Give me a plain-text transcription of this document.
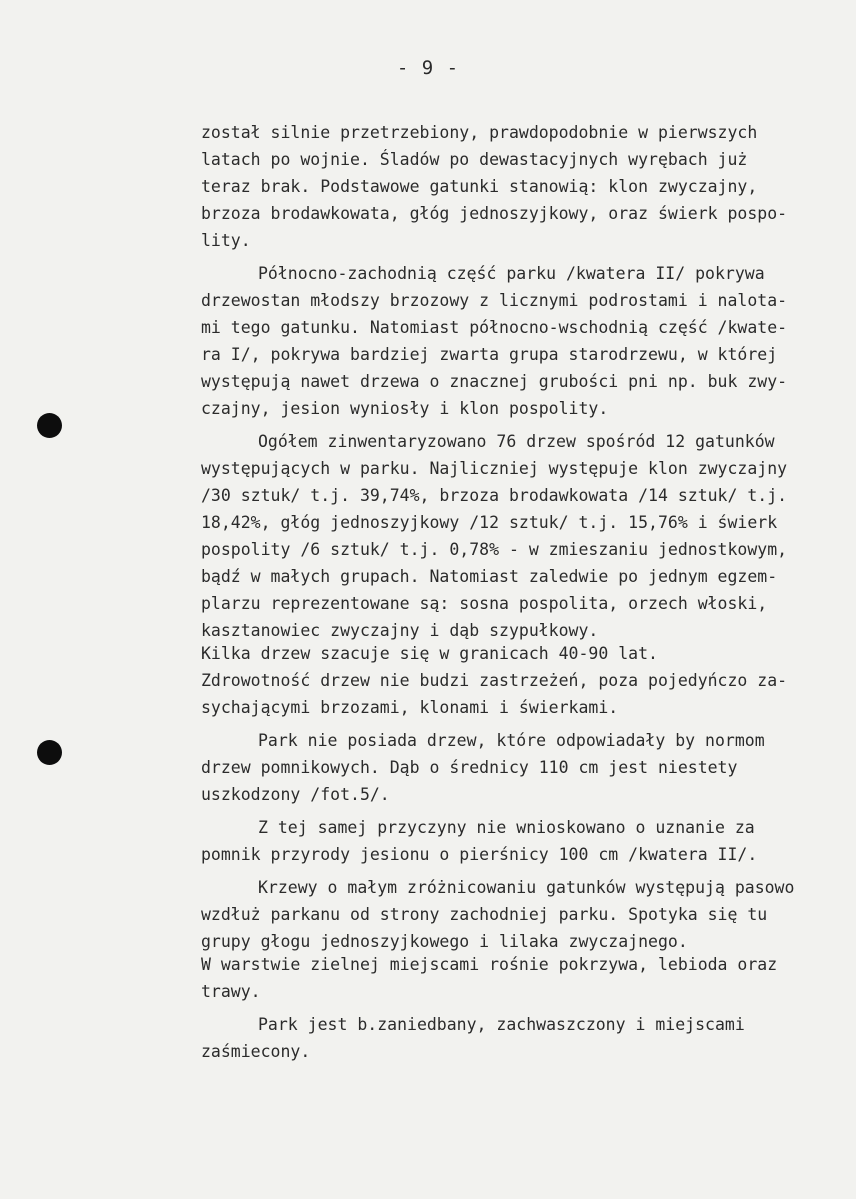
- 9 -
został silnie przetrzebiony, prawdopodobnie w pierwszych
latach po wojnie. Śladów po dewastacyjnych wyrębach już
teraz brak. Podstawowe gatunki stanowią: klon zwyczajny,
brzoza brodawkowata, głóg jednoszyjkowy, oraz świerk pospo-
lity.
Północno-zachodnią część parku /kwatera II/ pokrywa
drzewostan młodszy brzozowy z licznymi podrostami i nalota-
mi tego gatunku. Natomiast północno-wschodnią część /kwate-
ra I/, pokrywa bardziej zwarta grupa starodrzewu, w której
występują nawet drzewa o znacznej grubości pni np. buk zwy-
czajny, jesion wyniosły i klon pospolity.
Ogółem zinwentaryzowano 76 drzew spośród 12 gatunków
występujących w parku. Najliczniej występuje klon zwyczajny
/30 sztuk/ t.j. 39,74%, brzoza brodawkowata /14 sztuk/ t.j.
18,42%, głóg jednoszyjkowy /12 sztuk/ t.j. 15,76% i świerk
pospolity /6 sztuk/ t.j. 0,78% - w zmieszaniu jednostkowym,
bądź w małych grupach. Natomiast zaledwie po jednym egzem-
plarzu reprezentowane są: sosna pospolita, orzech włoski,
kasztanowiec zwyczajny i dąb szypułkowy.
Kilka drzew szacuje się w granicach 40-90 lat.
Zdrowotność drzew nie budzi zastrzeżeń, poza pojedyńczo za-
sychającymi brzozami, klonami i świerkami.
Park nie posiada drzew, które odpowiadały by normom
drzew pomnikowych. Dąb o średnicy 110 cm jest niestety
uszkodzony /fot.5/.
Z tej samej przyczyny nie wnioskowano o uznanie za
pomnik przyrody jesionu o pierśnicy 100 cm /kwatera II/.
Krzewy o małym zróżnicowaniu gatunków występują pasowo
wzdłuż parkanu od strony zachodniej parku. Spotyka się tu
grupy głogu jednoszyjkowego i lilaka zwyczajnego.
W warstwie zielnej miejscami rośnie pokrzywa, lebioda oraz
trawy.
Park jest b.zaniedbany, zachwaszczony i miejscami
zaśmiecony.
